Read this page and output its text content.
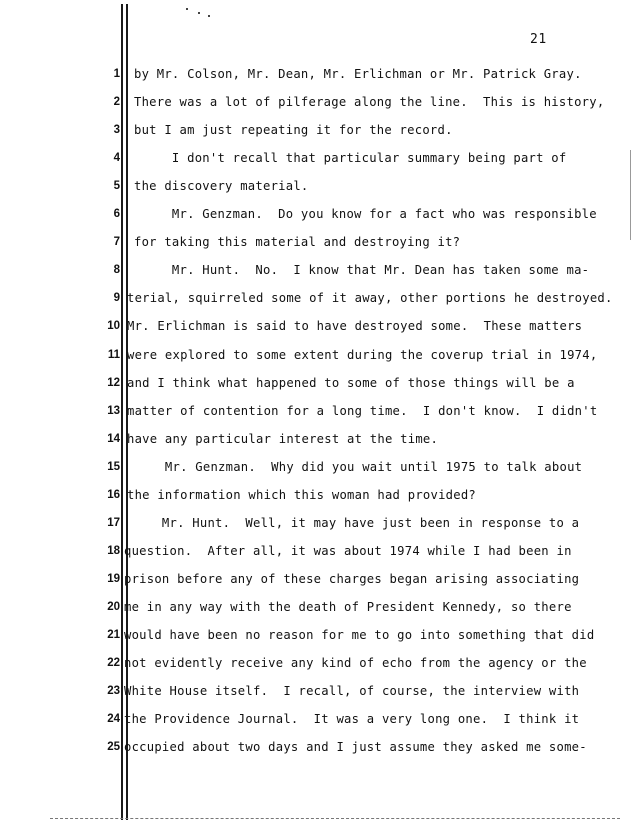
21
1 by Mr. Colson, Mr. Dean, Mr. Erlichman or Mr. Patrick Gray.
2 There was a lot of pilferage along the line.  This is history,
3 but I am just repeating it for the record.
4 I don't recall that particular summary being part of
5 the discovery material.
6 Mr. Genzman.  Do you know for a fact who was responsible
7 for taking this material and destroying it?
8 Mr. Hunt.  No.  I know that Mr. Dean has taken some ma-
9 terial, squirreled some of it away, other portions he destroyed.
10 Mr. Erlichman is said to have destroyed some.  These matters
11 were explored to some extent during the coverup trial in 1974,
12 and I think what happened to some of those things will be a
13 matter of contention for a long time.  I don't know.  I didn't
14 have any particular interest at the time.
15 Mr. Genzman.  Why did you wait until 1975 to talk about
16 the information which this woman had provided?
17 Mr. Hunt.  Well, it may have just been in response to a
18 question.  After all, it was about 1974 while I had been in
19 prison before any of these charges began arising associating
20 me in any way with the death of President Kennedy, so there
21 would have been no reason for me to go into something that did
22 not evidently receive any kind of echo from the agency or the
23 White House itself.  I recall, of course, the interview with
24 the Providence Journal.  It was a very long one.  I think it
25 occupied about two days and I just assume they asked me some-
